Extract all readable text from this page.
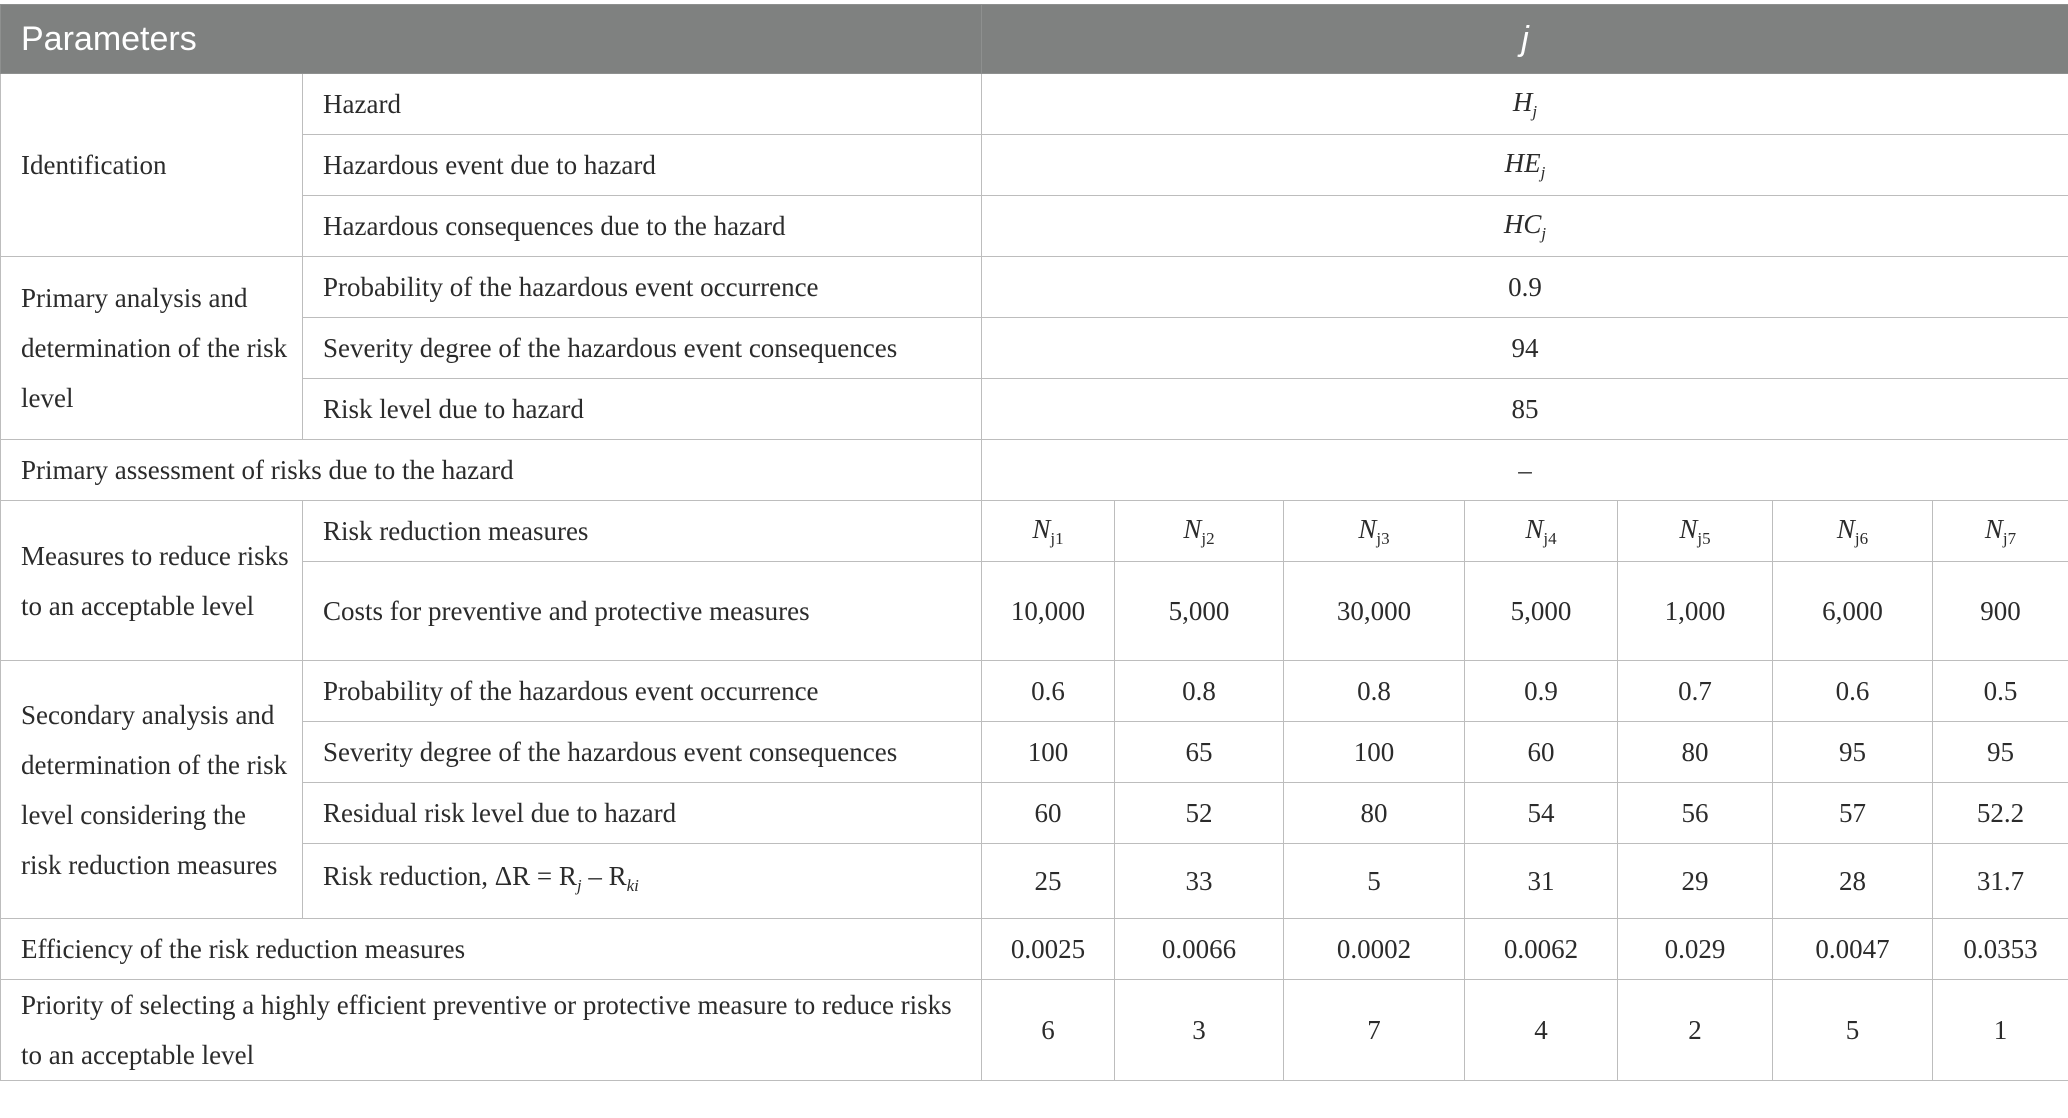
Parameters		j						
Identification	Hazard	$H_j$
	Hazardous event due to hazard	$HE_j$
	Hazardous consequences due to the hazard	$HC_j$
Primary analysis and determination of the risk level	Probability of the hazardous event occurrence	0.9						
	Severity degree of the hazardous event consequences	94						
	Risk level due to hazard	85						
Primary assessment of risks due to the hazard		–						
Measures to reduce risks to an acceptable level	Risk reduction measures	$N_{j1}$	$N_{j2}$	$N_{j3}$	$N_{j4}$	$N_{j5}$	$N_{j6}$	$N_{j7}$
	Costs for preventive and protective measures	10,000	5,000	30,000	5,000	1,000	6,000	900
Secondary analysis and determination of the risk level considering the risk reduction measures	Probability of the hazardous event occurrence	0.6	0.8	0.8	0.9	0.7	0.6	0.5
	Severity degree of the hazardous event consequences	100	65	100	60	80	95	95
	Residual risk level due to hazard	60	52	80	54	56	57	52.2
	Risk reduction, $\Delta R = R_j - R_{ki}$	25	33	5	31	29	28	31.7
Efficiency of the risk reduction measures		0.0025	0.0066	0.0002	0.0062	0.029	0.0047	0.0353
Priority of selecting a highly efficient preventive or protective measure to reduce risks to an acceptable level		6	3	7	4	2	5	1
